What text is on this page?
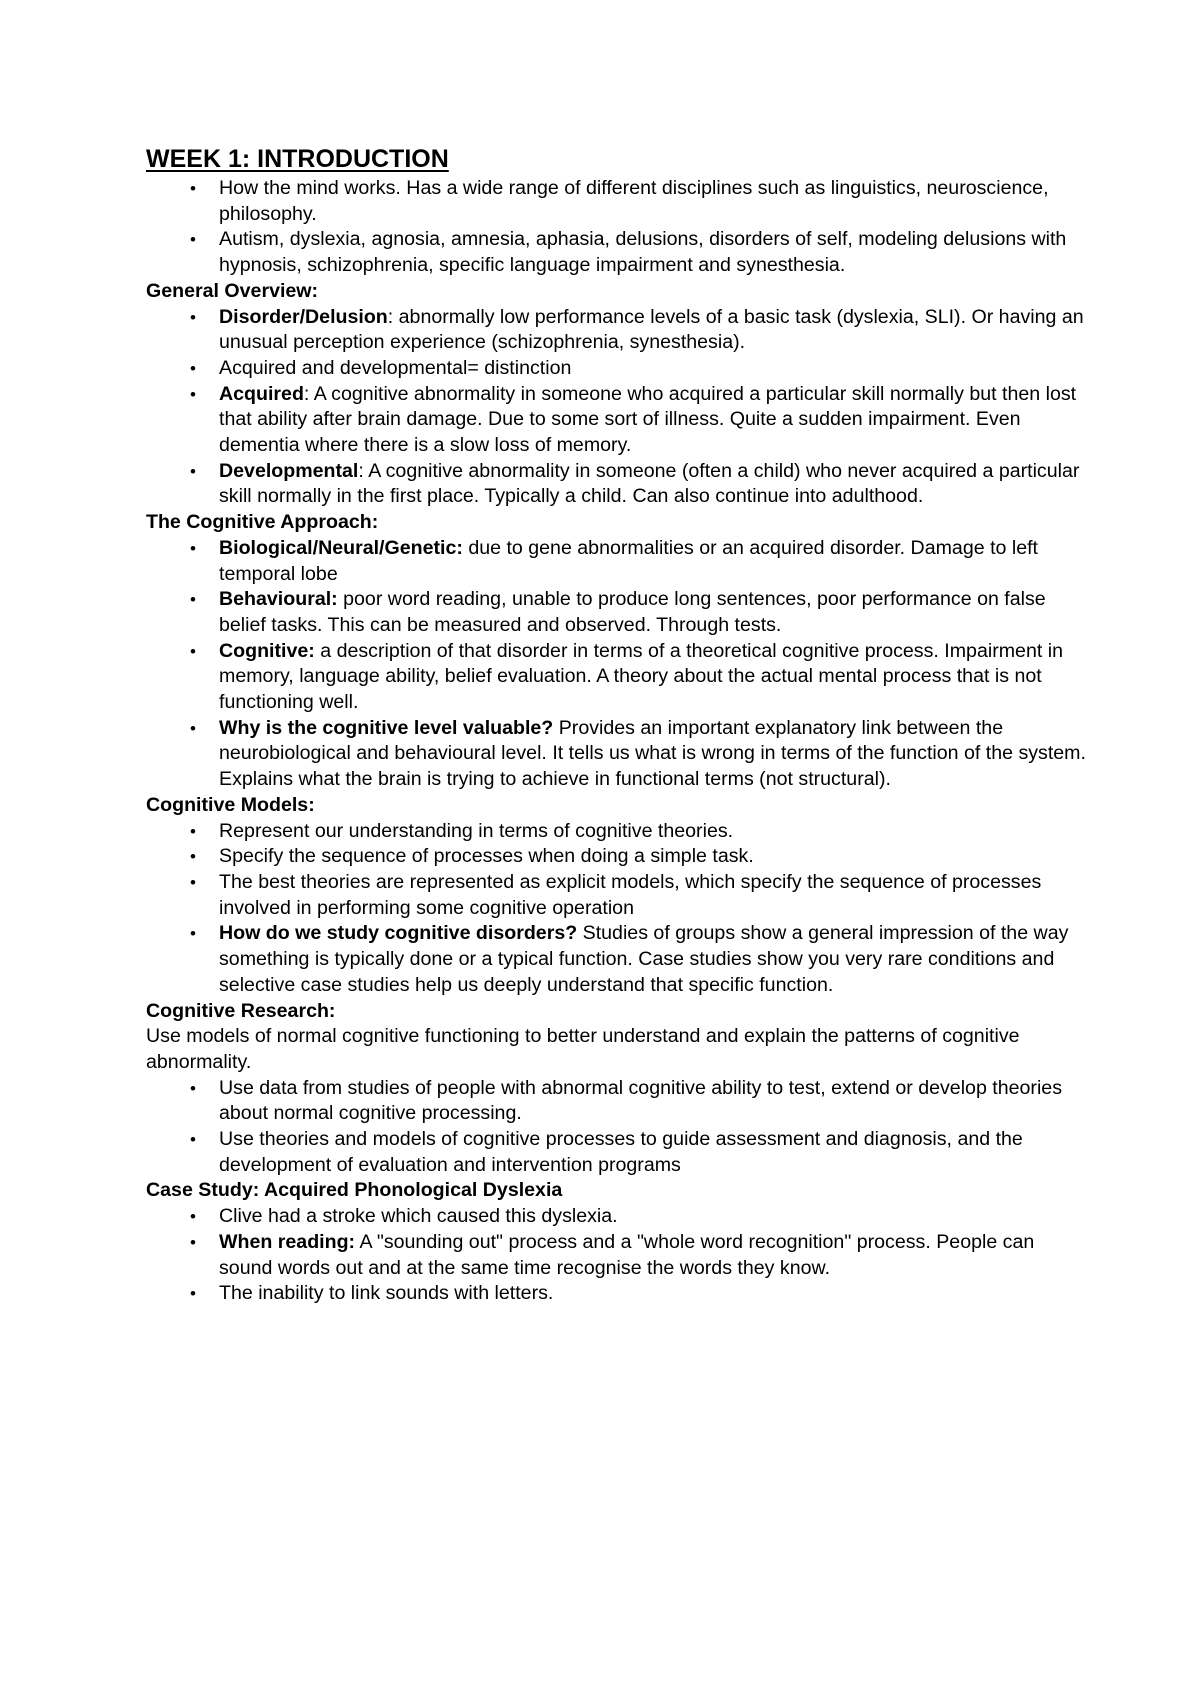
WEEK 1: INTRODUCTION
•	How the mind works. Has a wide range of different disciplines such as linguistics, neuroscience, philosophy.
•	Autism, dyslexia, agnosia, amnesia, aphasia, delusions, disorders of self, modeling delusions with hypnosis, schizophrenia, specific language impairment and synesthesia.
General Overview:
•	Disorder/Delusion: abnormally low performance levels of a basic task (dyslexia, SLI). Or having an unusual perception experience (schizophrenia, synesthesia).
•	Acquired and developmental= distinction
•	Acquired: A cognitive abnormality in someone who acquired a particular skill normally but then lost that ability after brain damage. Due to some sort of illness. Quite a sudden impairment. Even dementia where there is a slow loss of memory.
•	Developmental: A cognitive abnormality in someone (often a child) who never acquired a particular skill normally in the first place. Typically a child. Can also continue into adulthood.
The Cognitive Approach:
•	Biological/Neural/Genetic: due to gene abnormalities or an acquired disorder. Damage to left temporal lobe
•	Behavioural: poor word reading, unable to produce long sentences, poor performance on false belief tasks. This can be measured and observed. Through tests.
•	Cognitive: a description of that disorder in terms of a theoretical cognitive process. Impairment in memory, language ability, belief evaluation. A theory about the actual mental process that is not functioning well.
•	Why is the cognitive level valuable? Provides an important explanatory link between the neurobiological and behavioural level. It tells us what is wrong in terms of the function of the system. Explains what the brain is trying to achieve in functional terms (not structural).
Cognitive Models:
•	Represent our understanding in terms of cognitive theories.
•	Specify the sequence of processes when doing a simple task.
•	The best theories are represented as explicit models, which specify the sequence of processes involved in performing some cognitive operation
•	How do we study cognitive disorders? Studies of groups show a general impression of the way something is typically done or a typical function. Case studies show you very rare conditions and selective case studies help us deeply understand that specific function.
Cognitive Research:
Use models of normal cognitive functioning to better understand and explain the patterns of cognitive abnormality.
•	Use data from studies of people with abnormal cognitive ability to test, extend or develop theories about normal cognitive processing.
•	Use theories and models of cognitive processes to guide assessment and diagnosis, and the development of evaluation and intervention programs
Case Study: Acquired Phonological Dyslexia
•	Clive had a stroke which caused this dyslexia.
•	When reading: A "sounding out" process and a "whole word recognition" process. People can sound words out and at the same time recognise the words they know.
•	The inability to link sounds with letters.
